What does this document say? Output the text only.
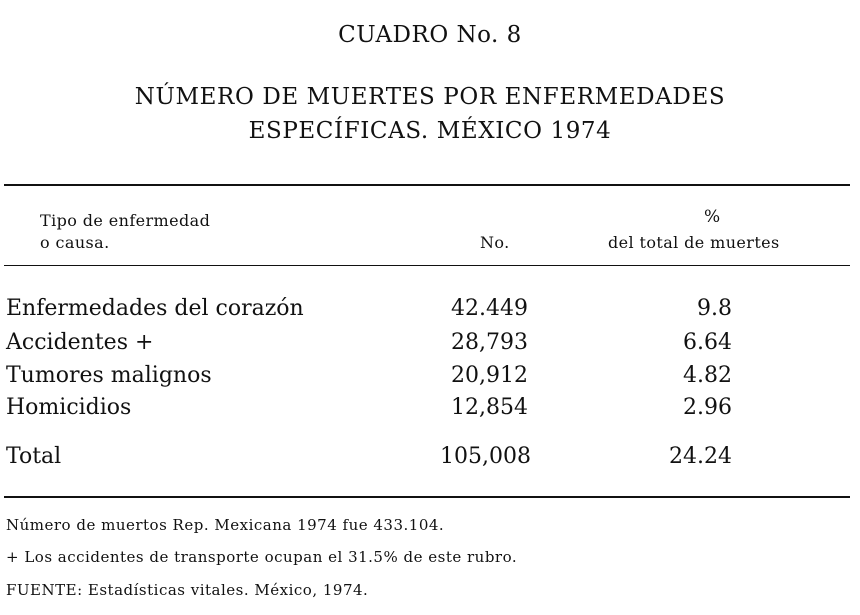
CUADRO No. 8
NÚMERO DE MUERTES POR ENFERMEDADES
ESPECÍFICAS. MÉXICO 1974
Tipo de enfermedad
o causa.	No.
%
del total de muertes
Enfermedades del corazón	42.449	9.8
Accidentes +	28,793	6.64
Tumores malignos	20,912	4.82
Homicidios	12,854	2.96
Total	105,008	24.24
Número de muertos Rep. Mexicana 1974 fue 433.104.
+ Los accidentes de transporte ocupan el 31.5% de este rubro.
FUENTE: Estadísticas vitales. México, 1974.
